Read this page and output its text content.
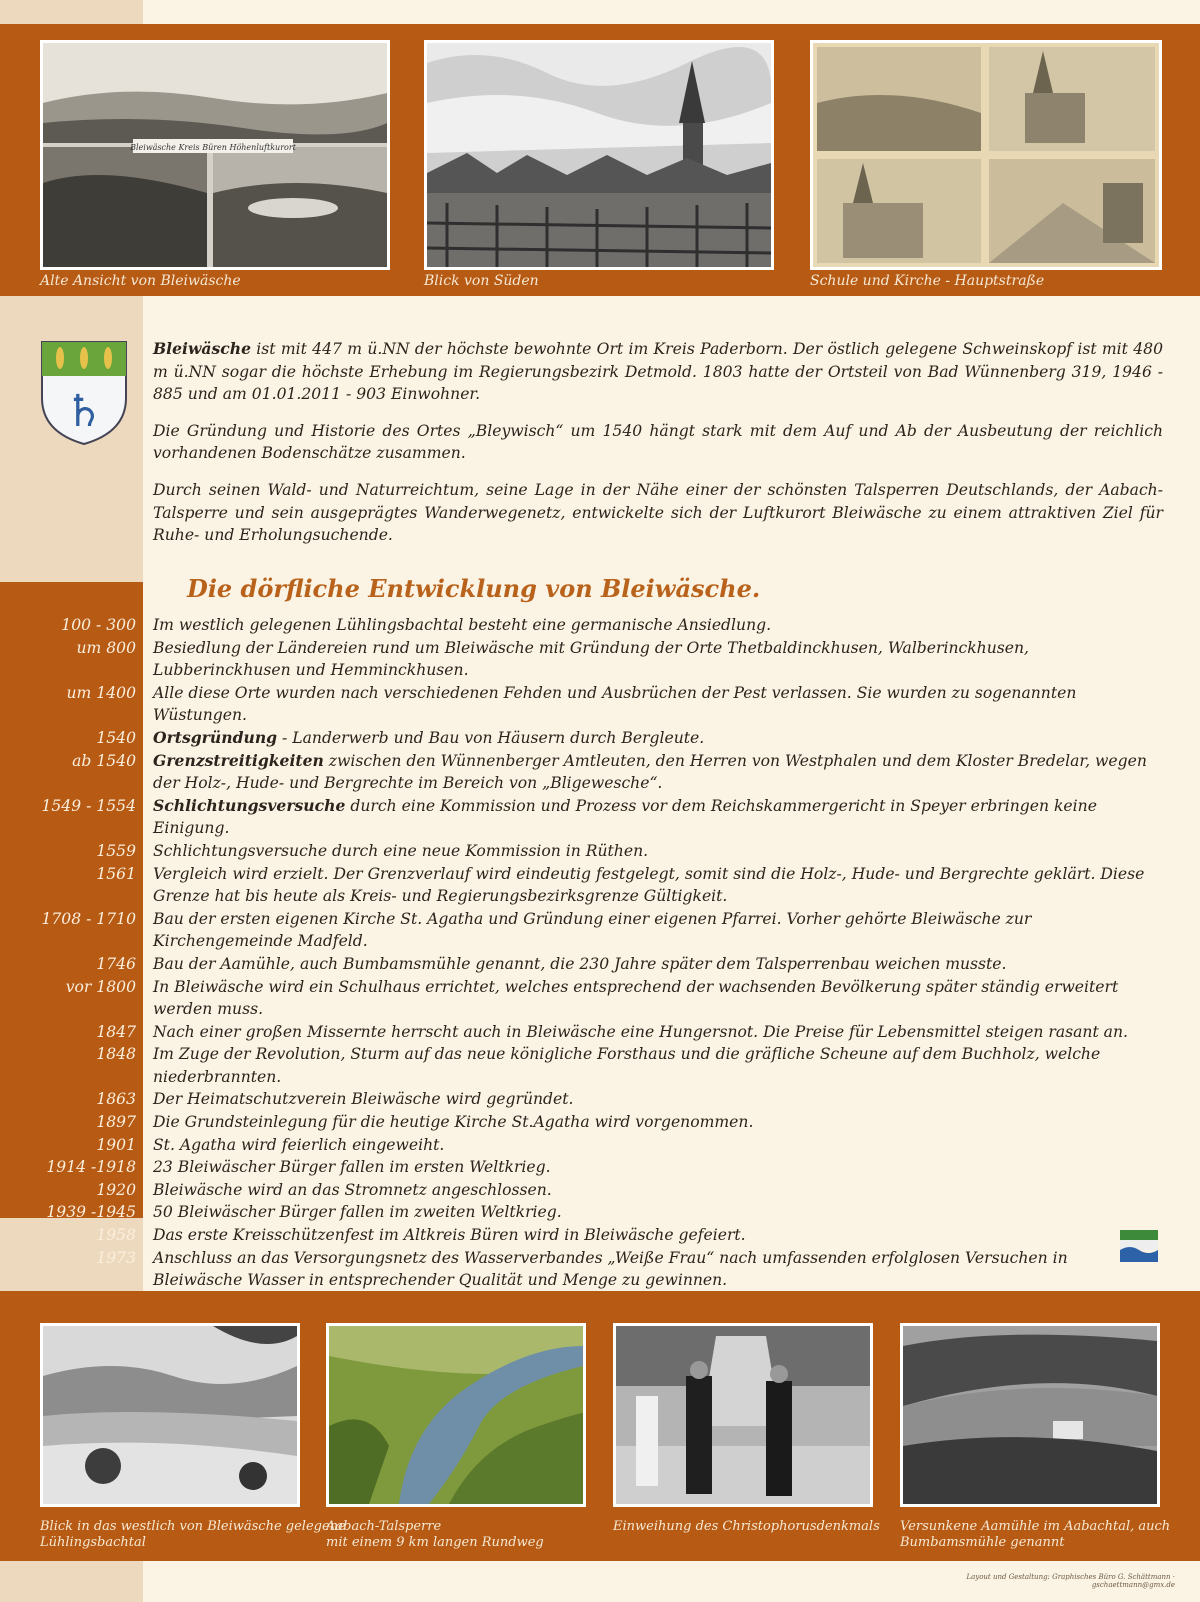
Bleiwäsche Kreis Büren Höhenluftkurort
Alte Ansicht von Bleiwäsche	Blick von Süden	Schule und Kirche - Hauptstraße
♄

Bleiwäsche ist mit 447 m ü.NN der höchste bewohnte Ort im Kreis Paderborn. Der östlich gelegene Schweinskopf ist mit 480 m ü.NN sogar die höchste Erhebung im Regierungsbezirk Detmold. 1803 hatte der Ortsteil von Bad Wünnenberg 319, 1946 - 885 und am 01.01.2011 - 903 Einwohner.

Die Gründung und Historie des Ortes „Bleywisch“ um 1540 hängt stark mit dem Auf und Ab der Ausbeutung der reichlich vorhandenen Bodenschätze zusammen.

Durch seinen Wald- und Naturreichtum, seine Lage in der Nähe einer der schönsten Talsperren Deutschlands, der Aabach-Talsperre und sein ausgeprägtes Wanderwegenetz, entwickelte sich der Luftkurort Bleiwäsche zu einem attraktiven Ziel für Ruhe- und Erholungsuchende.

Die dörfliche Entwicklung von Bleiwäsche.
100 - 300	Im westlich gelegenen Lühlingsbachtal besteht eine germanische Ansiedlung.
um 800	Besiedlung der Ländereien rund um Bleiwäsche mit Gründung der Orte Thetbaldinckhusen, Walberinckhusen, Lubberinckhusen und Hemminckhusen.
um 1400	Alle diese Orte wurden nach verschiedenen Fehden und Ausbrüchen der Pest verlassen. Sie wurden zu sogenannten Wüstungen.
1540	Ortsgründung - Landerwerb und Bau von Häusern durch Bergleute.
ab 1540	Grenzstreitigkeiten zwischen den Wünnenberger Amtleuten, den Herren von Westphalen und dem Kloster Bredelar, wegen der Holz-, Hude- und Bergrechte im Bereich von „Bligewesche“.
1549 - 1554	Schlichtungsversuche durch eine Kommission und Prozess vor dem Reichskammergericht in Speyer erbringen keine Einigung.
1559	Schlichtungsversuche durch eine neue Kommission in Rüthen.
1561	Vergleich wird erzielt. Der Grenzverlauf wird eindeutig festgelegt, somit sind die Holz-, Hude- und Bergrechte geklärt. Diese Grenze hat bis heute als Kreis- und Regierungsbezirksgrenze Gültigkeit.
1708 - 1710	Bau der ersten eigenen Kirche St. Agatha und Gründung einer eigenen Pfarrei. Vorher gehörte Bleiwäsche zur Kirchengemeinde Madfeld.
1746	Bau der Aamühle, auch Bumbamsmühle genannt, die 230 Jahre später dem Talsperrenbau weichen musste.
vor 1800	In Bleiwäsche wird ein Schulhaus errichtet, welches entsprechend der wachsenden Bevölkerung später ständig erweitert werden muss.
1847	Nach einer großen Missernte herrscht auch in Bleiwäsche eine Hungersnot. Die Preise für Lebensmittel steigen rasant an.
1848	Im Zuge der Revolution, Sturm auf das neue königliche Forsthaus und die gräfliche Scheune auf dem Buchholz, welche niederbrannten.
1863	Der Heimatschutzverein Bleiwäsche wird gegründet.
1897	Die Grundsteinlegung für die heutige Kirche St.Agatha wird vorgenommen.
1901	St. Agatha wird feierlich eingeweiht.
1914 -1918	23 Bleiwäscher Bürger fallen im ersten Weltkrieg.
1920	Bleiwäsche wird an das Stromnetz angeschlossen.
1939 -1945	50 Bleiwäscher Bürger fallen im zweiten Weltkrieg.
1958	Das erste Kreisschützenfest im Altkreis Büren wird in Bleiwäsche gefeiert.
1973	Anschluss an das Versorgungsnetz des Wasserverbandes „Weiße Frau“ nach umfassenden erfolglosen Versuchen in Bleiwäsche Wasser in entsprechender Qualität und Menge zu gewinnen.
Blick in das westlich von Bleiwäsche gelegene
Lühlingsbachtal
Aabach-Talsperre
mit einem 9 km langen Rundweg
Einweihung des Christophorusdenkmals Versunkene Aamühle im Aabachtal, auch
Bumbamsmühle genannt
Layout und Gestaltung: Graphisches Büro G. Schättmann · gschaettmann@gmx.de
